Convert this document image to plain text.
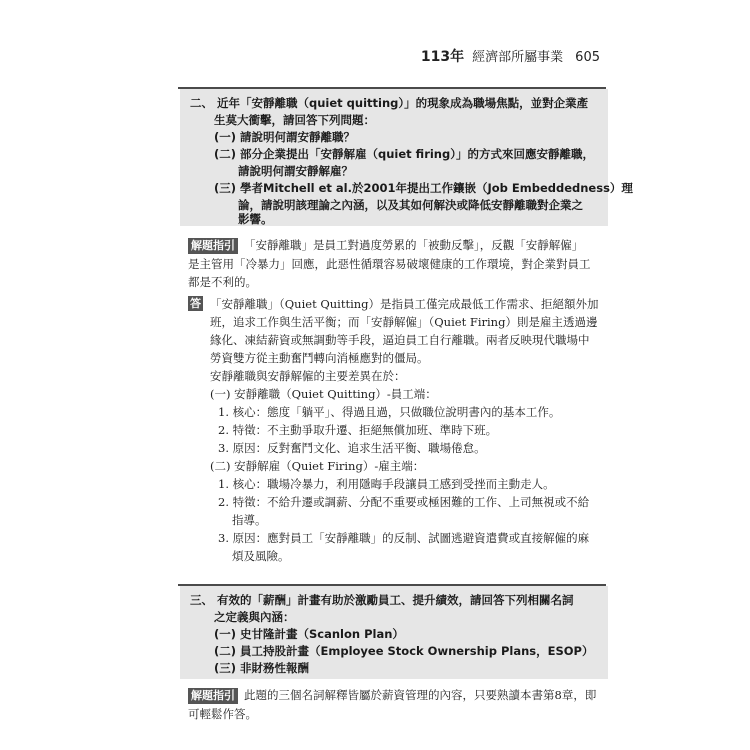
113年 經濟部所屬事業 605
二、 近年「安靜離職（quiet quitting）」的現象成為職場焦點，並對企業產
生莫大衝擊，請回答下列問題：
(一) 請說明何謂安靜離職？
(二) 部分企業提出「安靜解雇（quiet firing）」的方式來回應安靜離職，
請說明何謂安靜解雇？
(三) 學者Mitchell et al.於2001年提出工作鑲嵌（Job Embeddedness）理
論，請說明該理論之內涵，以及其如何解決或降低安靜離職對企業之
影響。
解題指引 「安靜離職」是員工對過度勞累的「被動反擊」，反觀「安靜解僱」
是主管用「冷暴力」回應，此惡性循環容易破壞健康的工作環境，對企業對員工
都是不利的。
答 「安靜離職」（Quiet Quitting）是指員工僅完成最低工作需求、拒絕額外加
班，追求工作與生活平衡；而「安靜解僱」（Quiet Firing）則是雇主透過邊
緣化、凍結薪資或無調動等手段，逼迫員工自行離職。兩者反映現代職場中
勞資雙方從主動奮鬥轉向消極應對的僵局。
安靜離職與安靜解僱的主要差異在於：
(一) 安靜離職（Quiet Quitting）-員工端：
1. 核心：態度「躺平」、得過且過，只做職位說明書內的基本工作。
2. 特徵：不主動爭取升遷、拒絕無償加班、準時下班。
3. 原因：反對奮鬥文化、追求生活平衡、職場倦怠。
(二) 安靜解雇（Quiet Firing）-雇主端：
1. 核心：職場冷暴力，利用隱晦手段讓員工感到受挫而主動走人。
2. 特徵：不給升遷或調薪、分配不重要或極困難的工作、上司無視或不給
指導。
3. 原因：應對員工「安靜離職」的反制、試圖逃避資遣費或直接解僱的麻
煩及風險。
三、 有效的「薪酬」計畫有助於激勵員工、提升績效，請回答下列相關名詞
之定義與內涵：
(一) 史甘隆計畫（Scanlon Plan）
(二) 員工持股計畫（Employee Stock Ownership Plans，ESOP）
(三) 非財務性報酬
解題指引 此題的三個名詞解釋皆屬於薪資管理的內容，只要熟讀本書第8章，即
可輕鬆作答。
